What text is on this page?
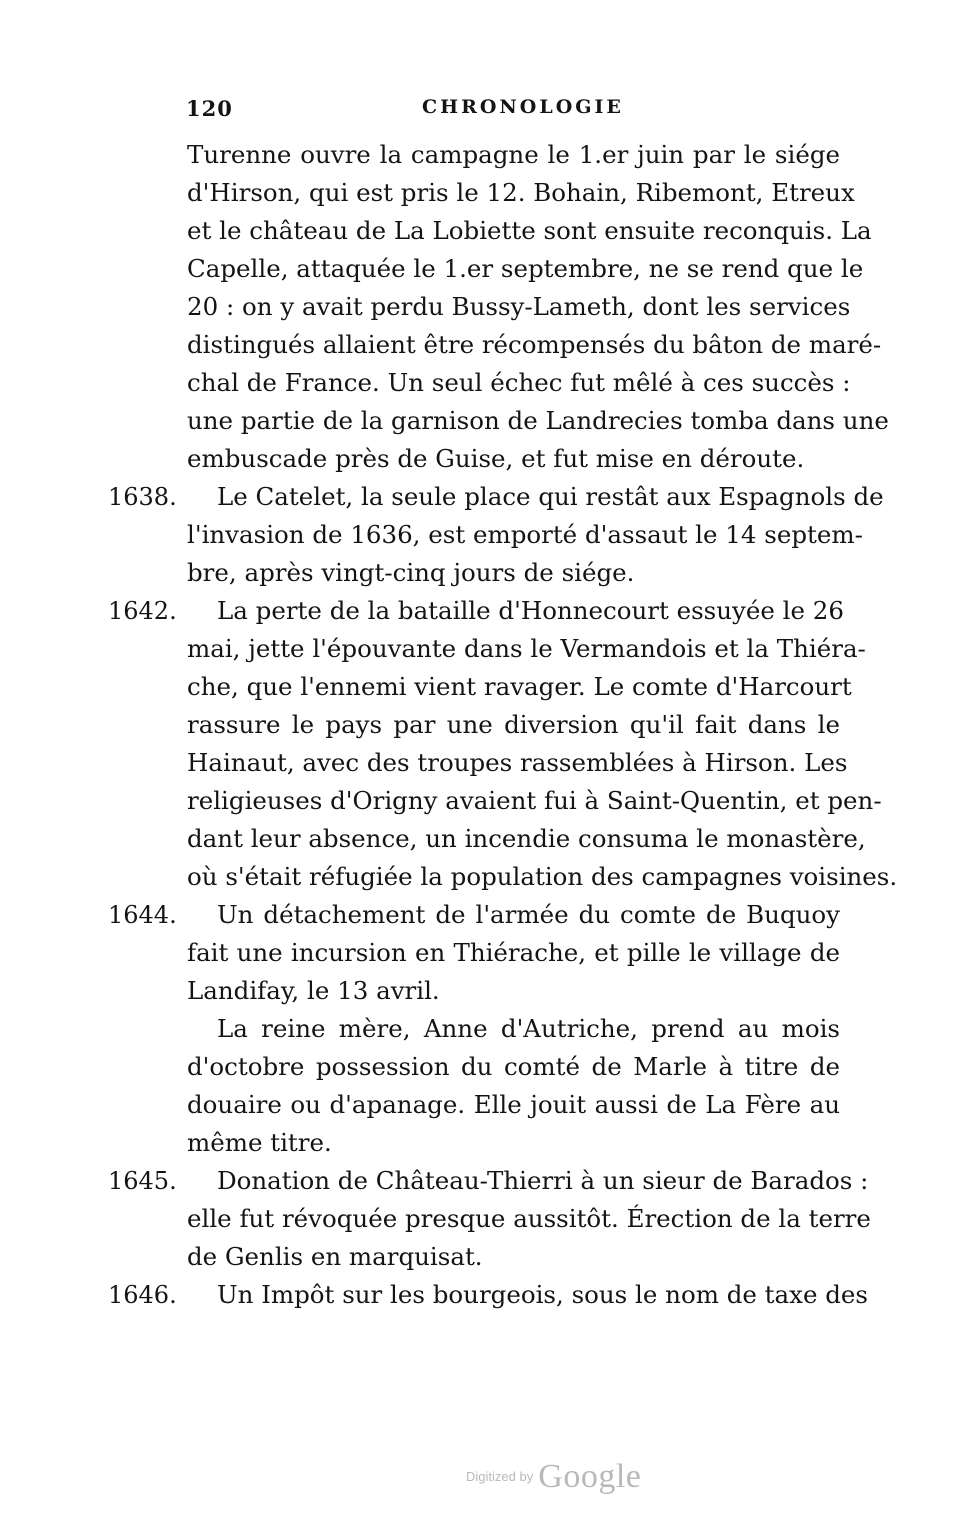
120	CHRONOLOGIE
Turenne ouvre la campagne le 1.er juin par le siége
d'Hirson, qui est pris le 12. Bohain, Ribemont, Etreux
et le château de La Lobiette sont ensuite reconquis. La
Capelle, attaquée le 1.er septembre, ne se rend que le
20 : on y avait perdu Bussy-Lameth, dont les services
distingués allaient être récompensés du bâton de maré-
chal de France. Un seul échec fut mêlé à ces succès :
une partie de la garnison de Landrecies tomba dans une
embuscade près de Guise, et fut mise en déroute.
1638. Le Catelet, la seule place qui restât aux Espagnols de
l'invasion de 1636, est emporté d'assaut le 14 septem-
bre, après vingt-cinq jours de siége.
1642. La perte de la bataille d'Honnecourt essuyée le 26
mai, jette l'épouvante dans le Vermandois et la Thiéra-
che, que l'ennemi vient ravager. Le comte d'Harcourt
rassure le pays par une diversion qu'il fait dans le
Hainaut, avec des troupes rassemblées à Hirson. Les
religieuses d'Origny avaient fui à Saint-Quentin, et pen-
dant leur absence, un incendie consuma le monastère,
où s'était réfugiée la population des campagnes voisines.
1644. Un détachement de l'armée du comte de Buquoy
fait une incursion en Thiérache, et pille le village de
Landifay, le 13 avril.
La reine mère, Anne d'Autriche, prend au mois
d'octobre possession du comté de Marle à titre de
douaire ou d'apanage. Elle jouit aussi de La Fère au
même titre.
1645. Donation de Château-Thierri à un sieur de Barados :
elle fut révoquée presque aussitôt. Érection de la terre
de Genlis en marquisat.
1646. Un Impôt sur les bourgeois, sous le nom de taxe des
$^{Digitized by}$ Google
